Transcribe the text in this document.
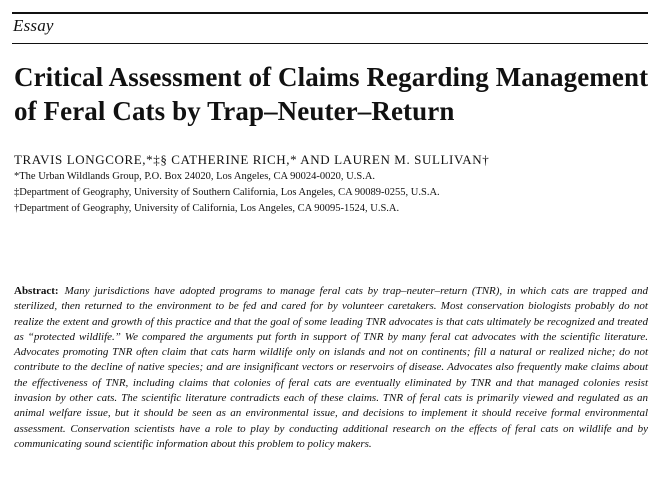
Essay
Critical Assessment of Claims Regarding Management of Feral Cats by Trap–Neuter–Return
TRAVIS LONGCORE,*‡§ CATHERINE RICH,* AND LAUREN M. SULLIVAN†
*The Urban Wildlands Group, P.O. Box 24020, Los Angeles, CA 90024-0020, U.S.A.
‡Department of Geography, University of Southern California, Los Angeles, CA 90089-0255, U.S.A.
†Department of Geography, University of California, Los Angeles, CA 90095-1524, U.S.A.

Abstract: Many jurisdictions have adopted programs to manage feral cats by trap–neuter–return (TNR), in which cats are trapped and sterilized, then returned to the environment to be fed and cared for by volunteer caretakers. Most conservation biologists probably do not realize the extent and growth of this practice and that the goal of some leading TNR advocates is that cats ultimately be recognized and treated as “protected wildlife.” We compared the arguments put forth in support of TNR by many feral cat advocates with the scientific literature. Advocates promoting TNR often claim that cats harm wildlife only on islands and not on continents; fill a natural or realized niche; do not contribute to the decline of native species; and are insignificant vectors or reservoirs of disease. Advocates also frequently make claims about the effectiveness of TNR, including claims that colonies of feral cats are eventually eliminated by TNR and that managed colonies resist invasion by other cats. The scientific literature contradicts each of these claims. TNR of feral cats is primarily viewed and regulated as an animal welfare issue, but it should be seen as an environmental issue, and decisions to implement it should receive formal environmental assessment. Conservation scientists have a role to play by conducting additional research on the effects of feral cats on wildlife and by communicating sound scientific information about this problem to policy makers.
